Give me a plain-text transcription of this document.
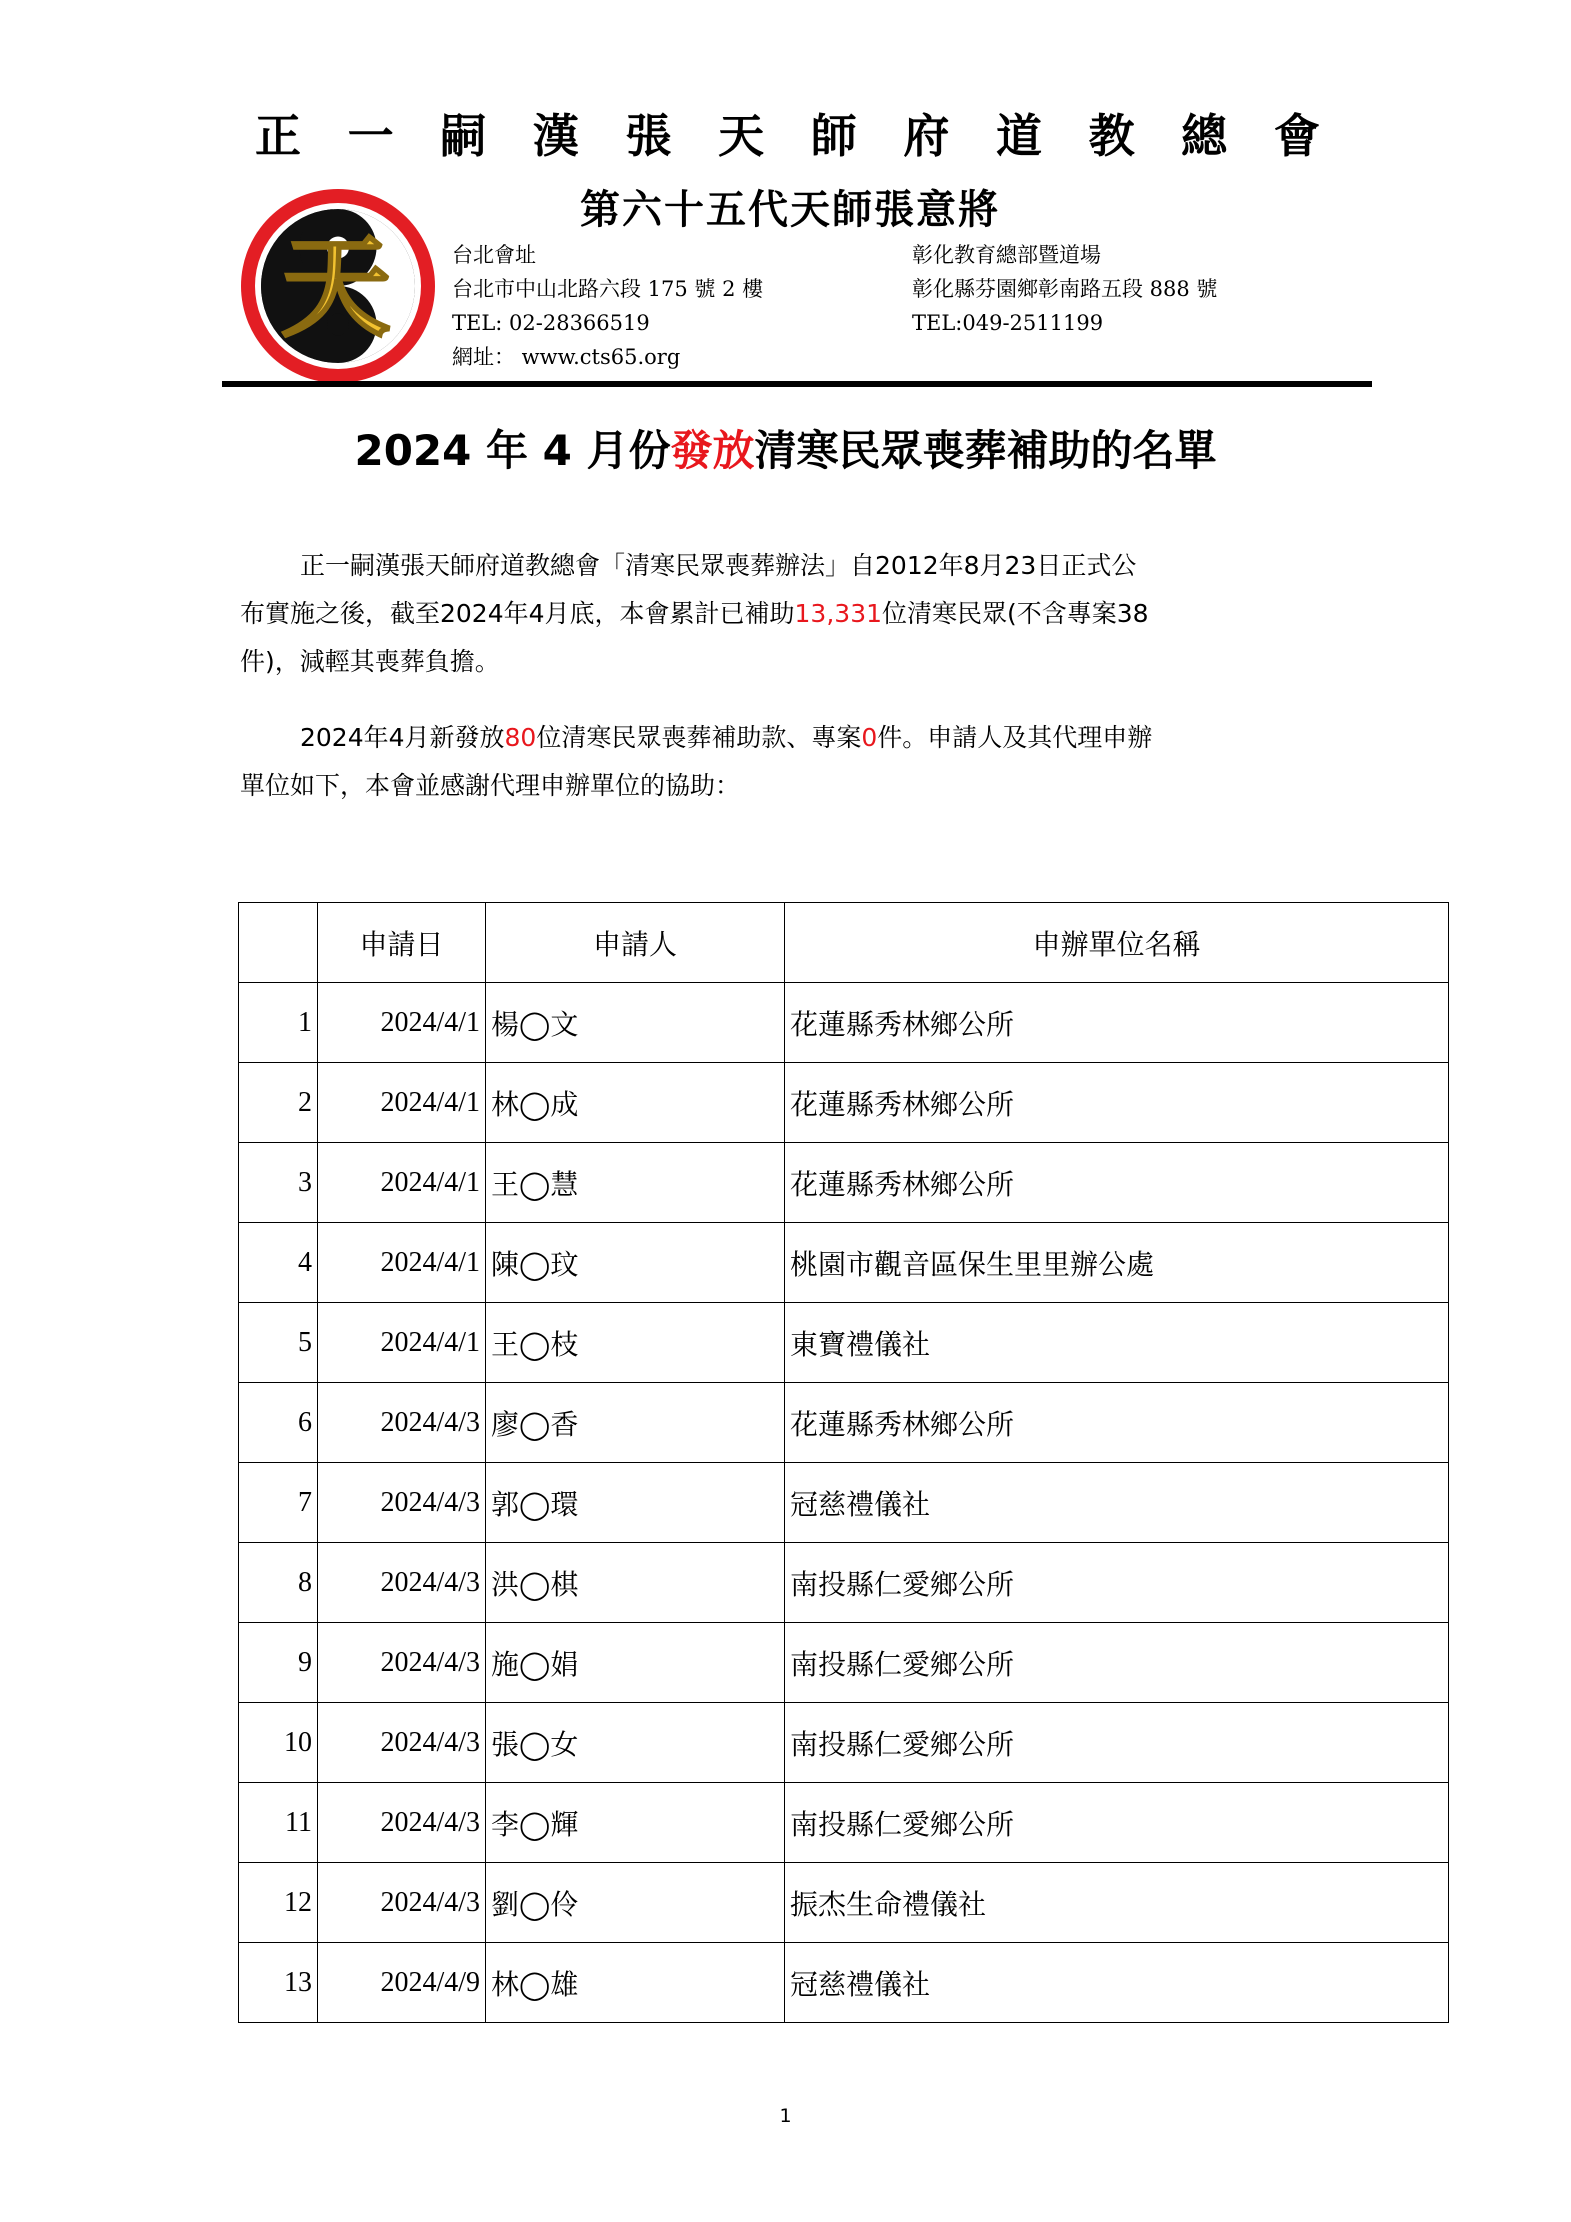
正 一 嗣 漢 張 天 師 府 道 教 總 會
天
第六十五代天師張意將
台北會址
台北市中山北路六段 175 號 2 樓
TEL: 02-28366519
網址： www.cts65.org
彰化教育總部暨道場
彰化縣芬園鄉彰南路五段 888 號
TEL:049-2511199
2024 年 4 月份發放清寒民眾喪葬補助的名單
正一嗣漢張天師府道教總會「清寒民眾喪葬辦法」自2012年8月23日正式公
布實施之後，截至2024年4月底，本會累計已補助13,331位清寒民眾(不含專案38
件)，減輕其喪葬負擔。
2024年4月新發放80位清寒民眾喪葬補助款、專案0件。申請人及其代理申辦
單位如下，本會並感謝代理申辦單位的協助：
	申請日	申請人	申辦單位名稱
1	2024/4/1	楊◯文	花蓮縣秀林鄉公所
2	2024/4/1	林◯成	花蓮縣秀林鄉公所
3	2024/4/1	王◯慧	花蓮縣秀林鄉公所
4	2024/4/1	陳◯玟	桃園市觀音區保生里里辦公處
5	2024/4/1	王◯枝	東寶禮儀社
6	2024/4/3	廖◯香	花蓮縣秀林鄉公所
7	2024/4/3	郭◯環	冠慈禮儀社
8	2024/4/3	洪◯棋	南投縣仁愛鄉公所
9	2024/4/3	施◯娟	南投縣仁愛鄉公所
10	2024/4/3	張◯女	南投縣仁愛鄉公所
11	2024/4/3	李◯輝	南投縣仁愛鄉公所
12	2024/4/3	劉◯伶	振杰生命禮儀社
13	2024/4/9	林◯雄	冠慈禮儀社
1
